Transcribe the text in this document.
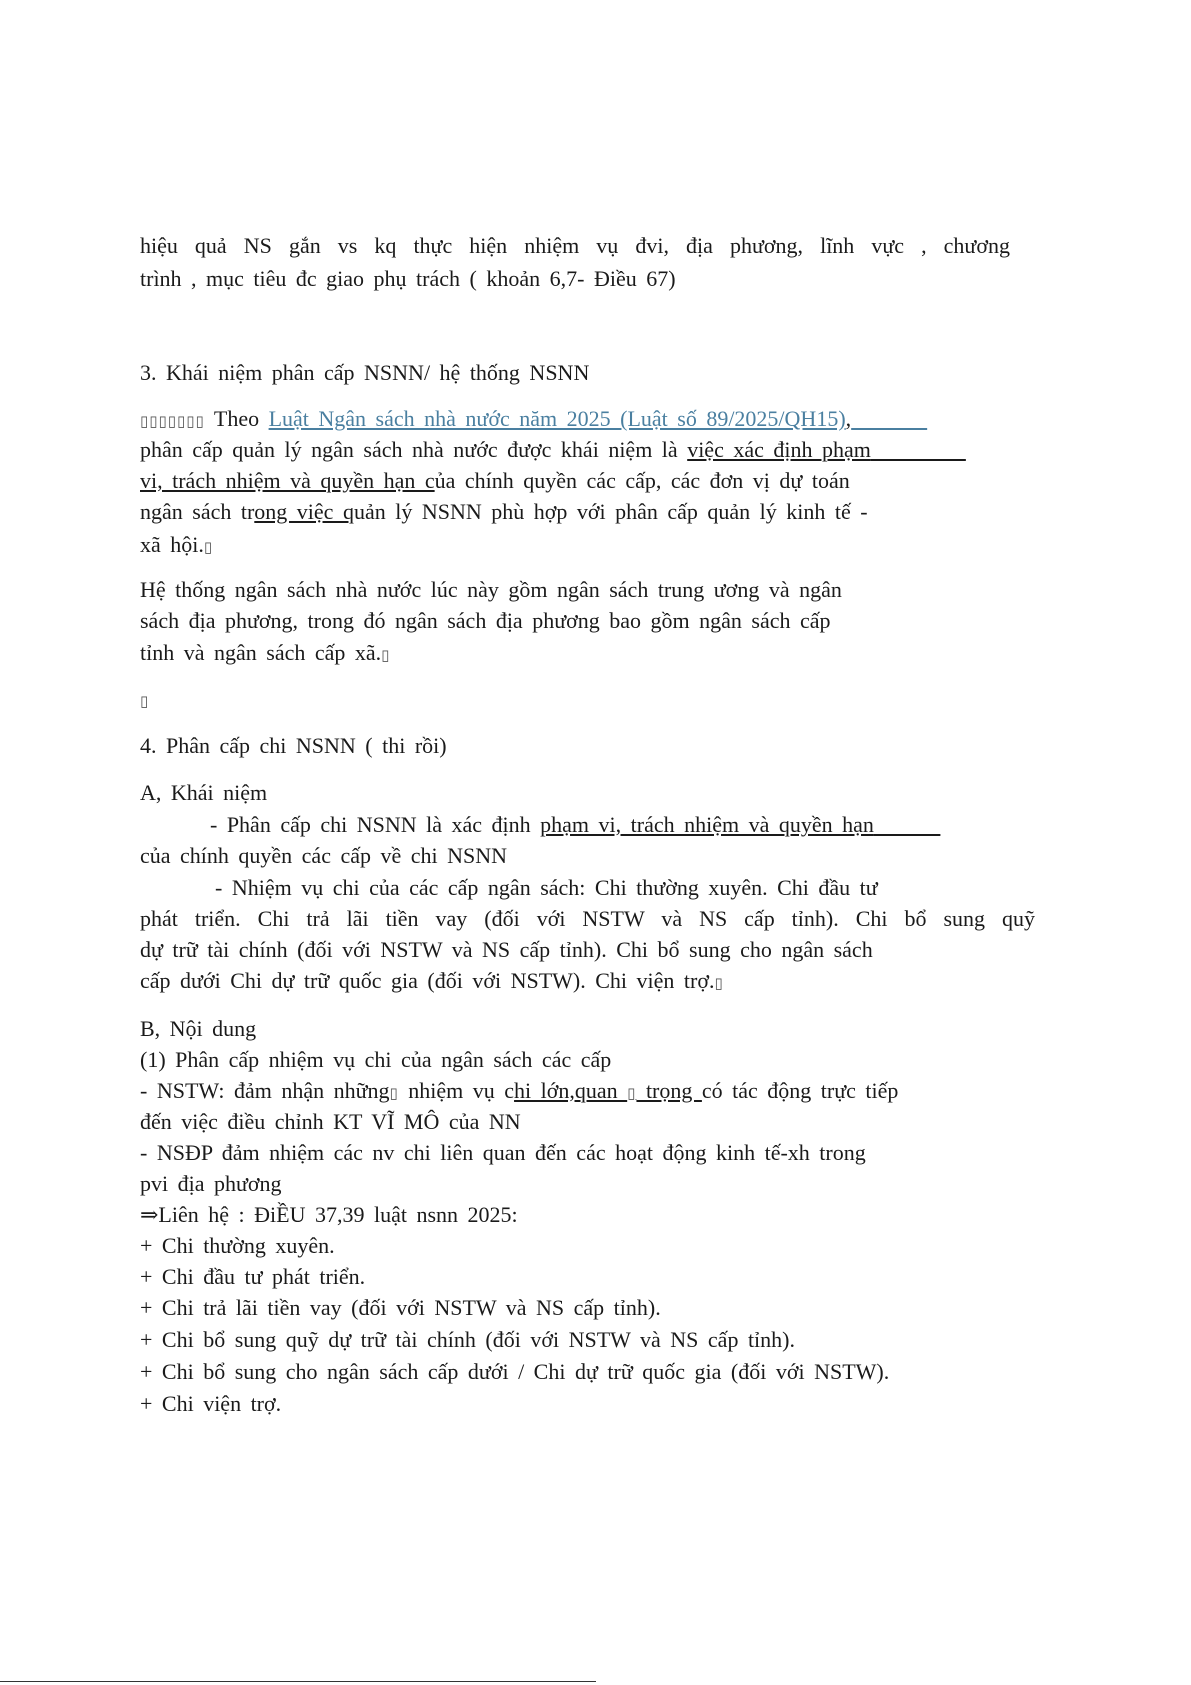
hiệu quả NS gắn vs kq thực hiện nhiệm vụ đvi, địa phương, lĩnh vực , chương
trình , mục tiêu đc giao phụ trách ( khoản 6,7- Điều 67)
3. Khái niệm phân cấp NSNN/ hệ thống NSNN
▯▯▯▯▯▯▯ Theo Luật Ngân sách nhà nước năm 2025 (Luật số 89/2025/QH15),
phân cấp quản lý ngân sách nhà nước được khái niệm là việc xác định phạm
vi, trách nhiệm và quyền hạn của chính quyền các cấp, các đơn vị dự toán
ngân sách trong việc quản lý NSNN phù hợp với phân cấp quản lý kinh tế -
xã hội.▯
Hệ thống ngân sách nhà nước lúc này gồm ngân sách trung ương và ngân
sách địa phương, trong đó ngân sách địa phương bao gồm ngân sách cấp
tỉnh và ngân sách cấp xã.▯
▯
4. Phân cấp chi NSNN ( thi rồi)
A, Khái niệm
- Phân cấp chi NSNN là xác định phạm vi, trách nhiệm và quyền hạn
của chính quyền các cấp về chi NSNN
- Nhiệm vụ chi của các cấp ngân sách: Chi thường xuyên. Chi đầu tư
phát triển. Chi trả lãi tiền vay (đối với NSTW và NS cấp tỉnh). Chi bổ sung quỹ
dự trữ tài chính (đối với NSTW và NS cấp tỉnh). Chi bổ sung cho ngân sách
cấp dưới Chi dự trữ quốc gia (đối với NSTW). Chi viện trợ.▯
B, Nội dung
(1) Phân cấp nhiệm vụ chi của ngân sách các cấp
- NSTW: đảm nhận những▯ nhiệm vụ chi lớn,quan ▯ trọng có tác động trực tiếp
đến việc điều chỉnh KT VĨ MÔ của NN
- NSĐP đảm nhiệm các nv chi liên quan đến các hoạt động kinh tế-xh trong
pvi địa phương
⇒Liên hệ : ĐiỀU 37,39 luật nsnn 2025:
+ Chi thường xuyên.
+ Chi đầu tư phát triển.
+ Chi trả lãi tiền vay (đối với NSTW và NS cấp tỉnh).
+ Chi bổ sung quỹ dự trữ tài chính (đối với NSTW và NS cấp tỉnh).
+ Chi bổ sung cho ngân sách cấp dưới / Chi dự trữ quốc gia (đối với NSTW).
+ Chi viện trợ.
